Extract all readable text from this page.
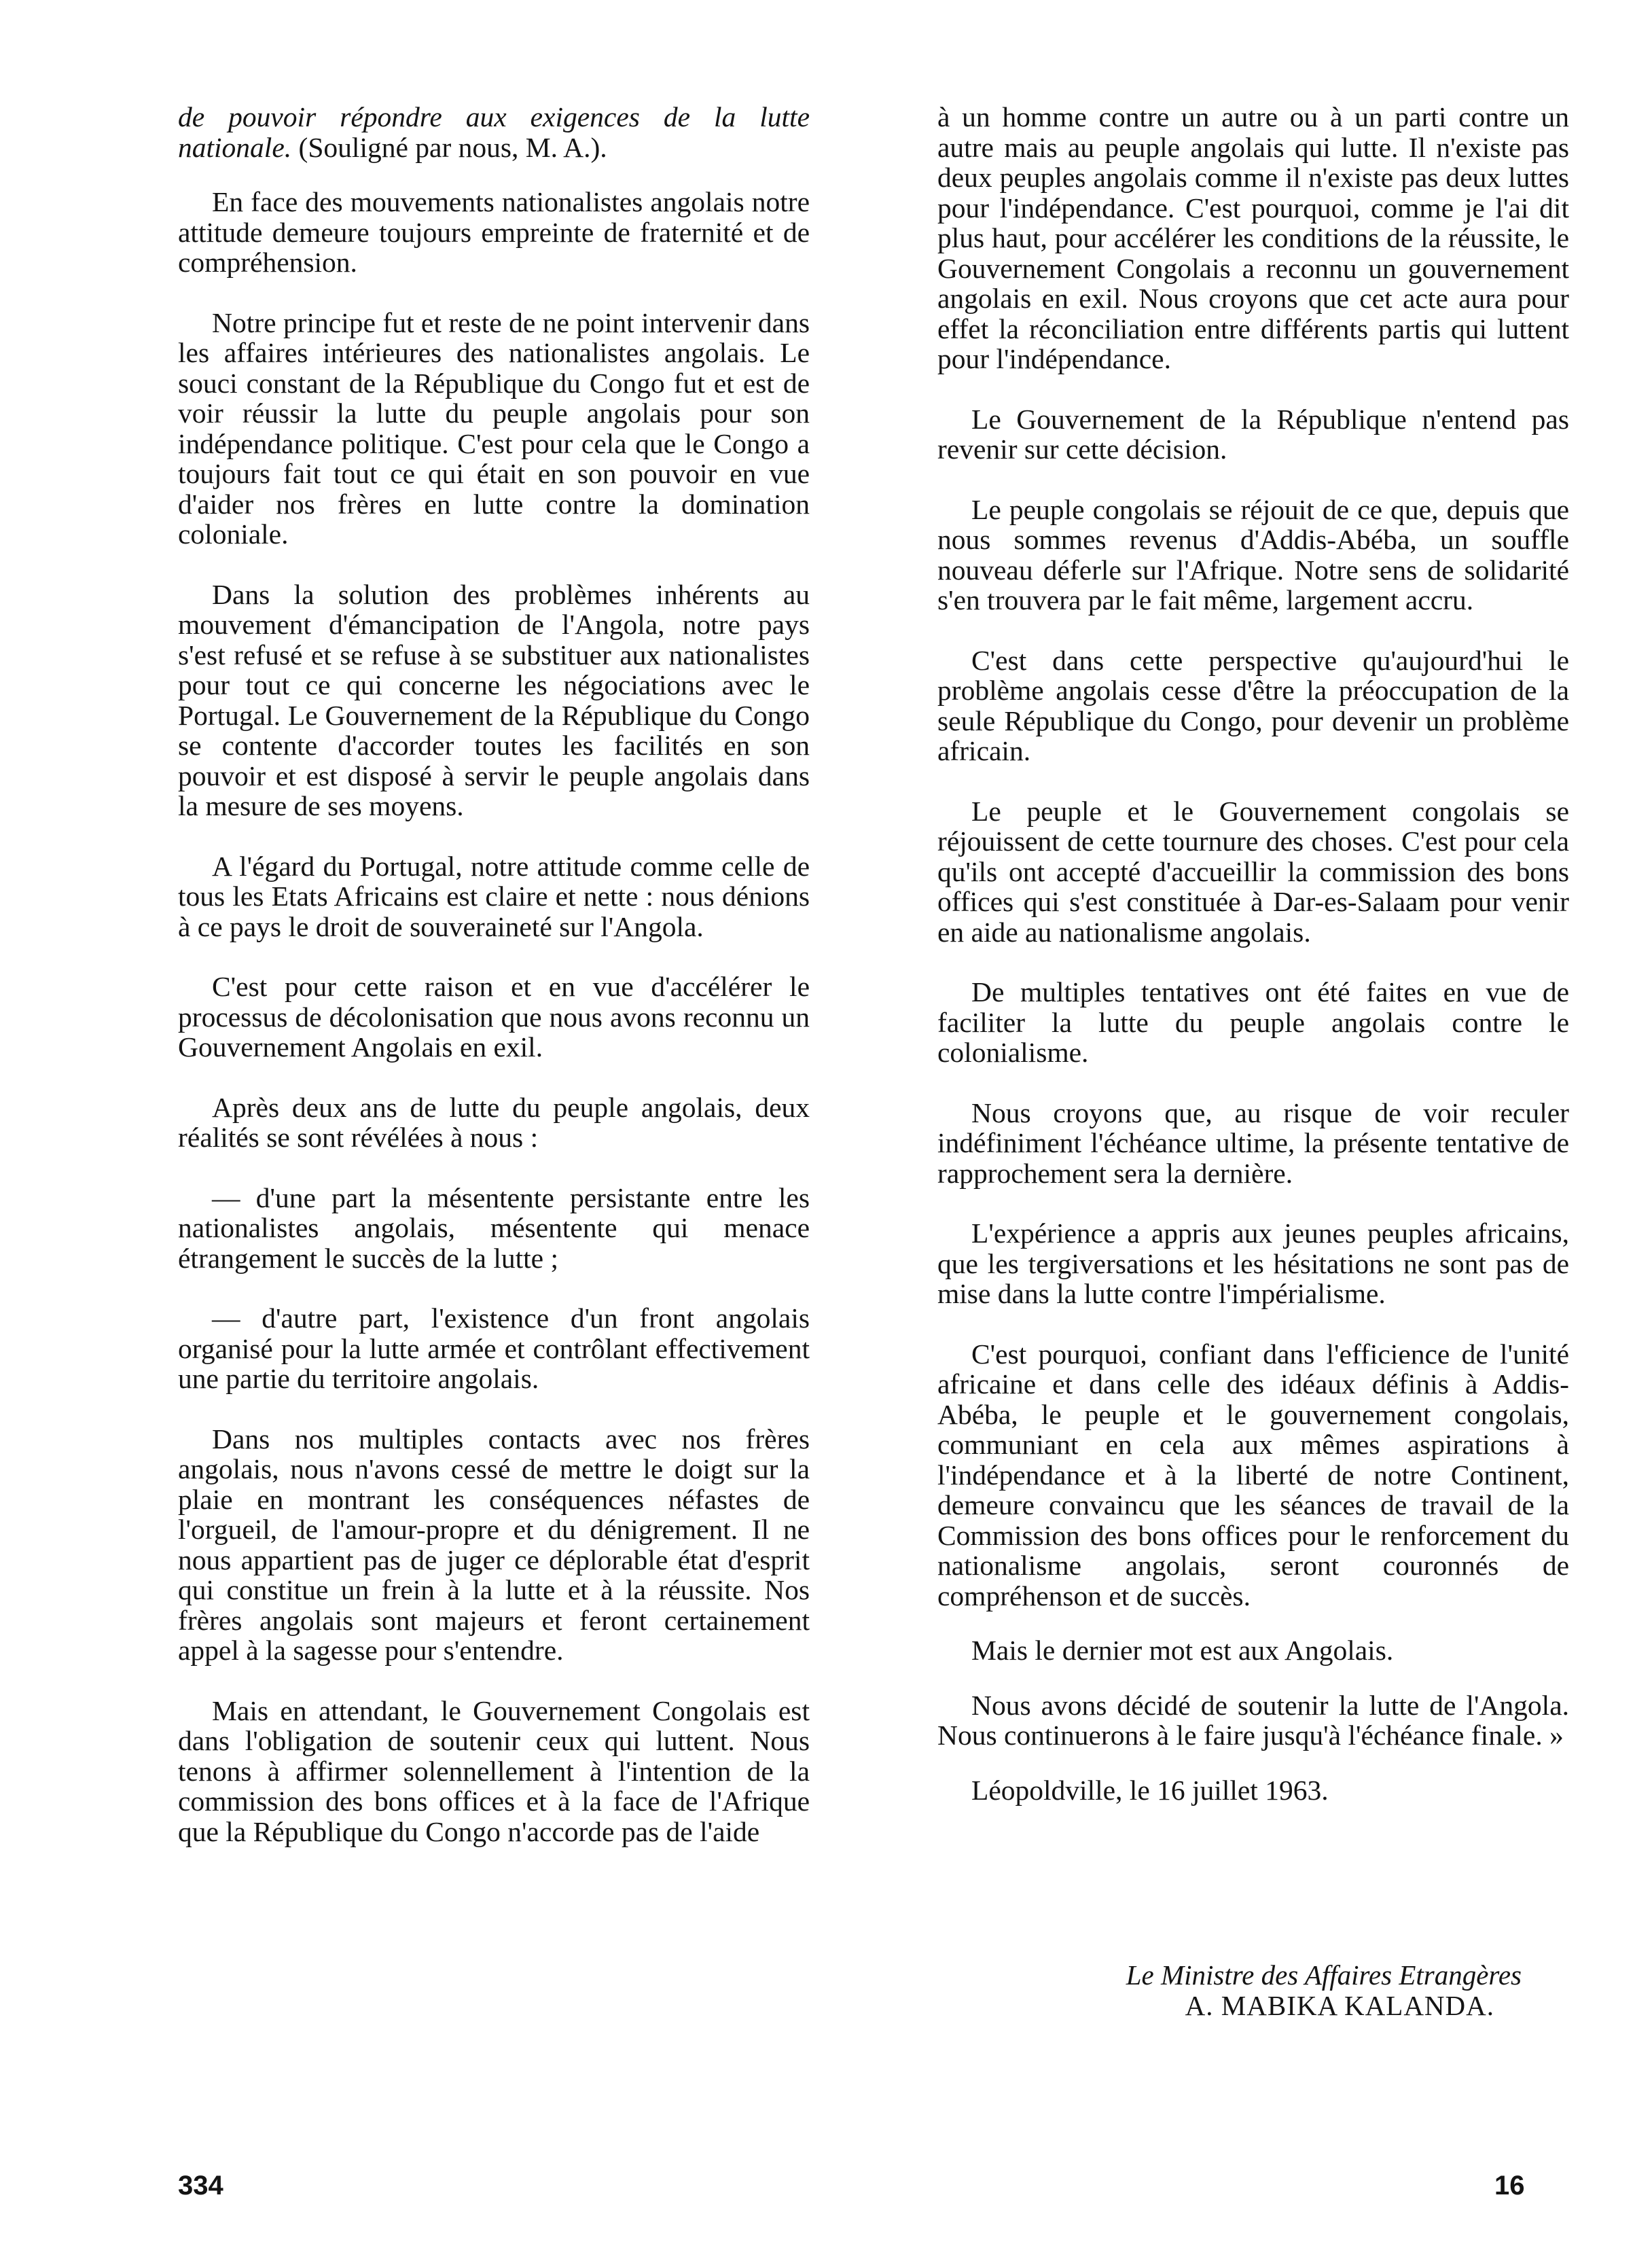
de pouvoir répondre aux exigences de la lutte nationale. (Souligné par nous, M. A.).

En face des mouvements nationalistes angolais notre attitude demeure toujours empreinte de fraternité et de compréhension.

Notre principe fut et reste de ne point intervenir dans les affaires intérieures des nationalistes angolais. Le souci constant de la République du Congo fut et est de voir réussir la lutte du peuple angolais pour son indépendance politique. C'est pour cela que le Congo a toujours fait tout ce qui était en son pouvoir en vue d'aider nos frères en lutte contre la domination coloniale.

Dans la solution des problèmes inhérents au mouvement d'émancipation de l'Angola, notre pays s'est refusé et se refuse à se substituer aux nationalistes pour tout ce qui concerne les négociations avec le Portugal. Le Gouvernement de la République du Congo se contente d'accorder toutes les facilités en son pouvoir et est disposé à servir le peuple angolais dans la mesure de ses moyens.

A l'égard du Portugal, notre attitude comme celle de tous les Etats Africains est claire et nette : nous dénions à ce pays le droit de souveraineté sur l'Angola.

C'est pour cette raison et en vue d'accélérer le processus de décolonisation que nous avons reconnu un Gouvernement Angolais en exil.

Après deux ans de lutte du peuple angolais, deux réalités se sont révélées à nous :

— d'une part la mésentente persistante entre les nationalistes angolais, mésentente qui menace étrangement le succès de la lutte ;

— d'autre part, l'existence d'un front angolais organisé pour la lutte armée et contrôlant effectivement une partie du territoire angolais.

Dans nos multiples contacts avec nos frères angolais, nous n'avons cessé de mettre le doigt sur la plaie en montrant les conséquences néfastes de l'orgueil, de l'amour-propre et du dénigrement. Il ne nous appartient pas de juger ce déplorable état d'esprit qui constitue un frein à la lutte et à la réussite. Nos frères angolais sont majeurs et feront certainement appel à la sagesse pour s'entendre.

Mais en attendant, le Gouvernement Congolais est dans l'obligation de soutenir ceux qui luttent. Nous tenons à affirmer solennellement à l'intention de la commission des bons offices et à la face de l'Afrique que la République du Congo n'accorde pas de l'aide

à un homme contre un autre ou à un parti contre un autre mais au peuple angolais qui lutte. Il n'existe pas deux peuples angolais comme il n'existe pas deux luttes pour l'indépendance. C'est pourquoi, comme je l'ai dit plus haut, pour accélérer les conditions de la réussite, le Gouvernement Congolais a reconnu un gouvernement angolais en exil. Nous croyons que cet acte aura pour effet la réconciliation entre différents partis qui luttent pour l'indépendance.

Le Gouvernement de la République n'entend pas revenir sur cette décision.

Le peuple congolais se réjouit de ce que, depuis que nous sommes revenus d'Addis-Abéba, un souffle nouveau déferle sur l'Afrique. Notre sens de solidarité s'en trouvera par le fait même, largement accru.

C'est dans cette perspective qu'aujourd'hui le problème angolais cesse d'être la préoccupation de la seule République du Congo, pour devenir un problème africain.

Le peuple et le Gouvernement congolais se réjouissent de cette tournure des choses. C'est pour cela qu'ils ont accepté d'accueillir la commission des bons offices qui s'est constituée à Dar-es-Salaam pour venir en aide au nationalisme angolais.

De multiples tentatives ont été faites en vue de faciliter la lutte du peuple angolais contre le colonialisme.

Nous croyons que, au risque de voir reculer indéfiniment l'échéance ultime, la présente tentative de rapprochement sera la dernière.

L'expérience a appris aux jeunes peuples africains, que les tergiversations et les hésitations ne sont pas de mise dans la lutte contre l'impérialisme.

C'est pourquoi, confiant dans l'efficience de l'unité africaine et dans celle des idéaux définis à Addis-Abéba, le peuple et le gouvernement congolais, communiant en cela aux mêmes aspirations à l'indépendance et à la liberté de notre Continent, demeure convaincu que les séances de travail de la Commission des bons offices pour le renforcement du nationalisme angolais, seront couronnés de compréhenson et de succès.

Mais le dernier mot est aux Angolais.

Nous avons décidé de soutenir la lutte de l'Angola. Nous continuerons à le faire jusqu'à l'échéance finale. »

Léopoldville, le 16 juillet 1963.

Le Ministre des Affaires Etrangères
A. MABIKA KALANDA.
334	16
